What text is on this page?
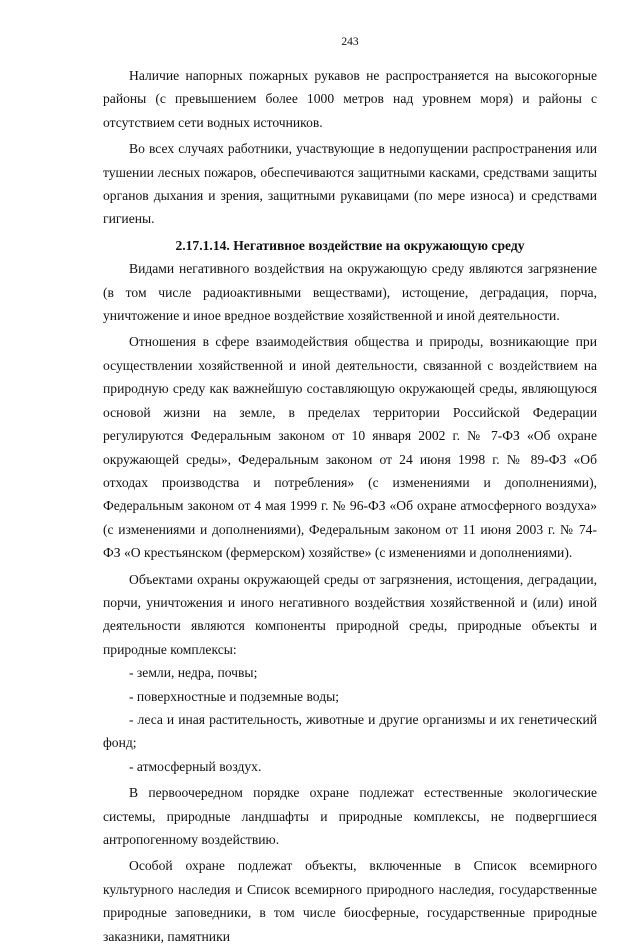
243

Наличие напорных пожарных рукавов не распространяется на высокогорные районы (с превышением более 1000 метров над уровнем моря) и районы с отсутствием сети водных источников.

Во всех случаях работники, участвующие в недопущении распространения или тушении лесных пожаров, обеспечиваются защитными касками, средствами защиты органов дыхания и зрения, защитными рукавицами (по мере износа) и средствами гигиены.

2.17.1.14. Негативное воздействие на окружающую среду

Видами негативного воздействия на окружающую среду являются загрязнение (в том числе радиоактивными веществами), истощение, деградация, порча, уничтожение и иное вредное воздействие хозяйственной и иной деятельности.

Отношения в сфере взаимодействия общества и природы, возникающие при осуществлении хозяйственной и иной деятельности, связанной с воздействием на природную среду как важнейшую составляющую окружающей среды, являющуюся основой жизни на земле, в пределах территории Российской Федерации регулируются Федеральным законом от 10 января 2002 г. № 7-ФЗ «Об охране окружающей среды», Федеральным законом от 24 июня 1998 г. № 89-ФЗ «Об отходах производства и потребления» (с изменениями и дополнениями), Федеральным законом от 4 мая 1999 г. № 96-ФЗ «Об охране атмосферного воздуха» (с изменениями и дополнениями), Федеральным законом от 11 июня 2003 г. № 74-ФЗ «О крестьянском (фермерском) хозяйстве» (с изменениями и дополнениями).

Объектами охраны окружающей среды от загрязнения, истощения, деградации, порчи, уничтожения и иного негативного воздействия хозяйственной и (или) иной деятельности являются компоненты природной среды, природные объекты и природные комплексы:

- земли, недра, почвы;
- поверхностные и подземные воды;
- леса и иная растительность, животные и другие организмы и их генетический фонд;
- атмосферный воздух.

В первоочередном порядке охране подлежат естественные экологические системы, природные ландшафты и природные комплексы, не подвергшиеся антропогенному воздействию.

Особой охране подлежат объекты, включенные в Список всемирного культурного наследия и Список всемирного природного наследия, государственные природные заповедники, в том числе биосферные, государственные природные заказники, памятники
